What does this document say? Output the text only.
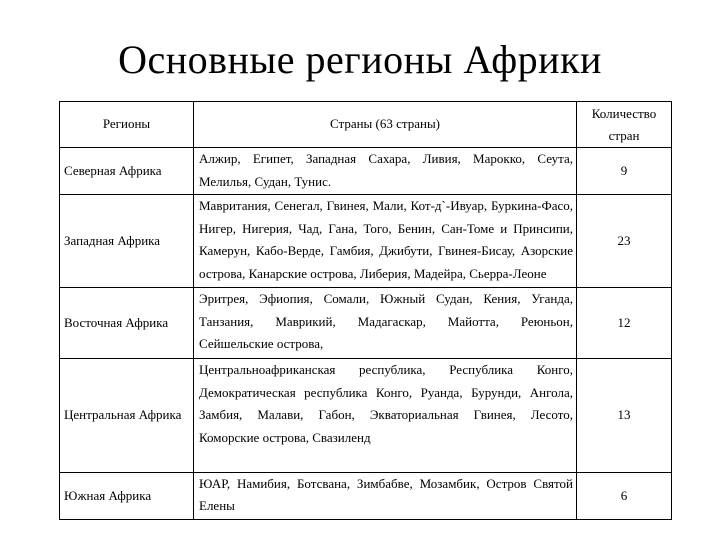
Основные регионы Африки
Регионы	Страны (63 страны)	Количество стран
Северная Африка	Алжир, Египет, Западная Сахара, Ливия, Марокко, Сеута, Мелилья, Судан, Тунис.	9
Западная Африка	Мавритания, Сенегал, Гвинея, Мали, Кот-д`-Ивуар, Буркина-Фасо, Нигер, Нигерия, Чад, Гана, Того, Бенин, Сан-Томе и Принсипи, Камерун, Кабо-Верде, Гамбия, Джибути, Гвинея-Бисау, Азорские острова, Канарские острова, Либерия, Мадейра, Сьерра-Леоне	23
Восточная Африка	Эритрея, Эфиопия, Сомали, Южный Судан, Кения, Уганда, Танзания, Маврикий, Мадагаскар, Майотта, Реюньон, Сейшельские острова,	12
Центральная Африка	Центральноафриканская республика, Республика Конго, Демократическая республика Конго, Руанда, Бурунди, Ангола, Замбия, Малави, Габон, Экваториальная Гвинея, Лесото, Коморские острова, Свазиленд	13
Южная Африка	ЮАР, Намибия, Ботсвана, Зимбабве, Мозамбик, Остров Святой Елены	6
